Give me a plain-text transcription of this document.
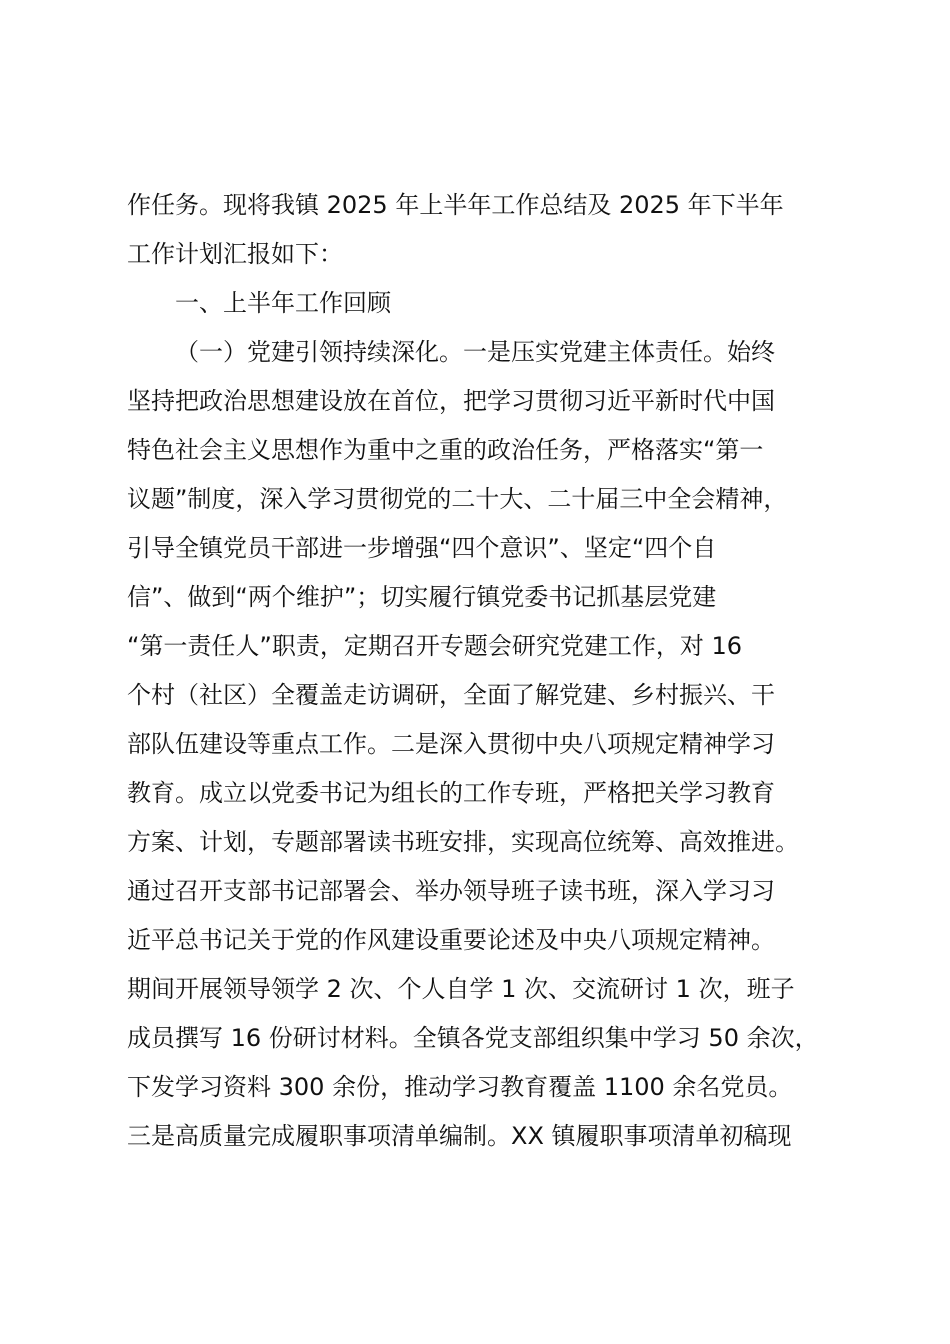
作任务。现将我镇 2025 年上半年工作总结及 2025 年下半年
工作计划汇报如下：
一、上半年工作回顾
（一）党建引领持续深化。一是压实党建主体责任。始终
坚持把政治思想建设放在首位，把学习贯彻习近平新时代中国
特色社会主义思想作为重中之重的政治任务，严格落实“第一
议题”制度，深入学习贯彻党的二十大、二十届三中全会精神，
引导全镇党员干部进一步增强“四个意识”、坚定“四个自
信”、做到“两个维护”；切实履行镇党委书记抓基层党建
“第一责任人”职责，定期召开专题会研究党建工作，对 16
个村（社区）全覆盖走访调研，全面了解党建、乡村振兴、干
部队伍建设等重点工作。二是深入贯彻中央八项规定精神学习
教育。成立以党委书记为组长的工作专班，严格把关学习教育
方案、计划，专题部署读书班安排，实现高位统筹、高效推进。
通过召开支部书记部署会、举办领导班子读书班，深入学习习
近平总书记关于党的作风建设重要论述及中央八项规定精神。
期间开展领导领学 2 次、个人自学 1 次、交流研讨 1 次，班子
成员撰写 16 份研讨材料。全镇各党支部组织集中学习 50 余次，
下发学习资料 300 余份，推动学习教育覆盖 1100 余名党员。
三是高质量完成履职事项清单编制。XX 镇履职事项清单初稿现
